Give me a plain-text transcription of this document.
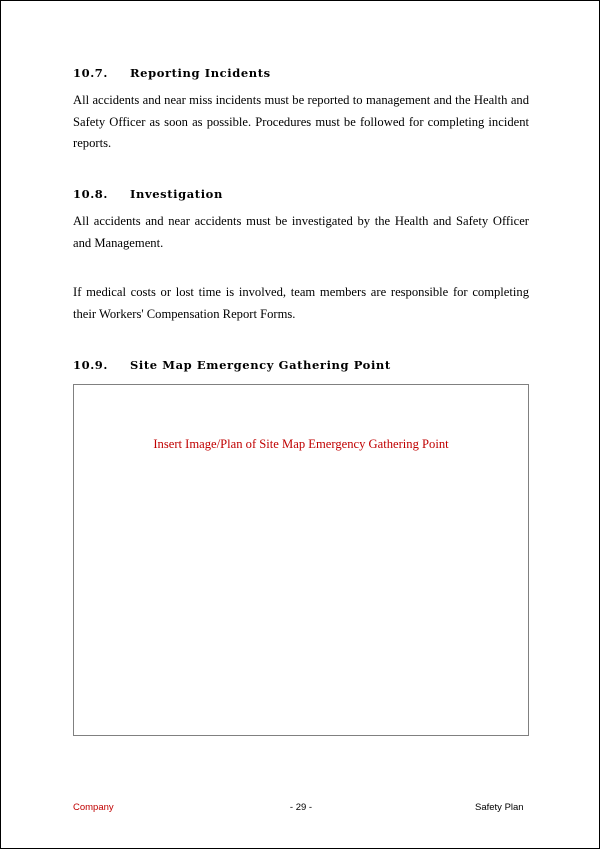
10.7. Reporting Incidents

All accidents and near miss incidents must be reported to management and the Health and Safety Officer as soon as possible. Procedures must be followed for completing incident reports.

10.8. Investigation

All accidents and near accidents must be investigated by the Health and Safety Officer and Management.

If medical costs or lost time is involved, team members are responsible for completing their Workers' Compensation Report Forms.

10.9. Site Map Emergency Gathering Point
Insert Image/Plan of Site Map Emergency Gathering Point
Company	- 29 -	Safety Plan
